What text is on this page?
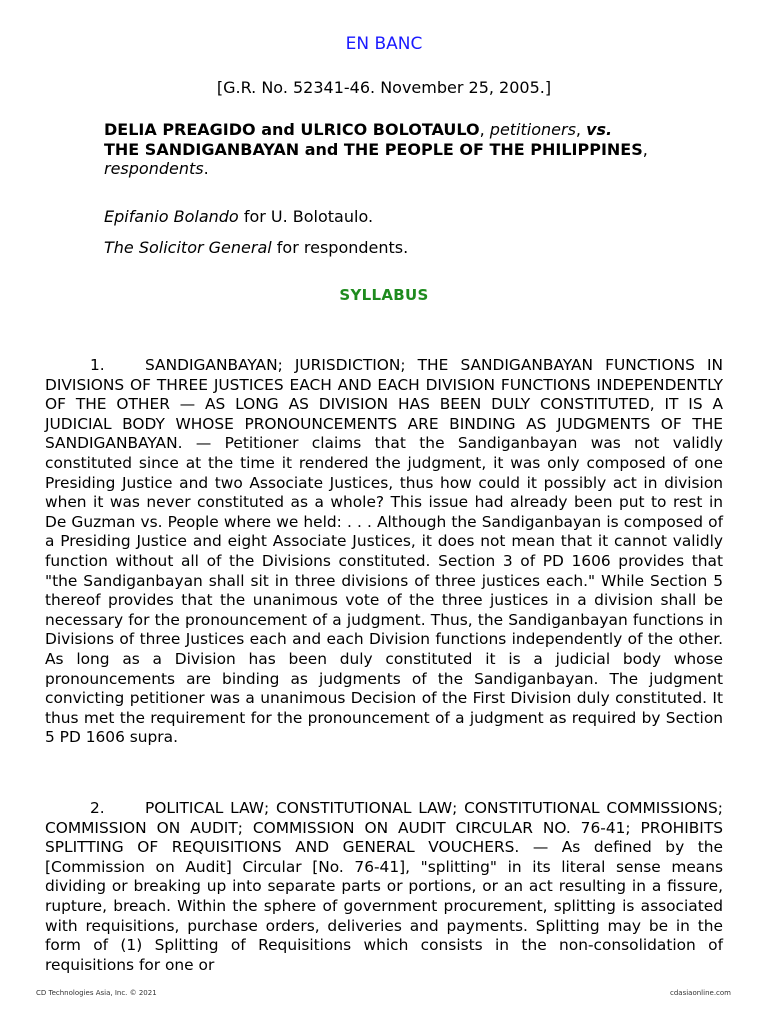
EN BANC
[G.R. No. 52341-46. November 25, 2005.]
DELIA PREAGIDO and ULRICO BOLOTAULO, petitioners, vs.
THE SANDIGANBAYAN and THE PEOPLE OF THE PHILIPPINES, respondents.
Epifanio Bolando for U. Bolotaulo.
The Solicitor General for respondents.
SYLLABUS
1.	SANDIGANBAYAN; JURISDICTION; THE SANDIGANBAYAN FUNCTIONS IN DIVISIONS OF THREE JUSTICES EACH AND EACH DIVISION FUNCTIONS INDEPENDENTLY OF THE OTHER — AS LONG AS DIVISION HAS BEEN DULY CONSTITUTED, IT IS A JUDICIAL BODY WHOSE PRONOUNCEMENTS ARE BINDING AS JUDGMENTS OF THE SANDIGANBAYAN. — Petitioner claims that the Sandiganbayan was not validly constituted since at the time it rendered the judgment, it was only composed of one Presiding Justice and two Associate Justices, thus how could it possibly act in division when it was never constituted as a whole? This issue had already been put to rest in De Guzman vs. People where we held: . . . Although the Sandiganbayan is composed of a Presiding Justice and eight Associate Justices, it does not mean that it cannot validly function without all of the Divisions constituted. Section 3 of PD 1606 provides that "the Sandiganbayan shall sit in three divisions of three justices each." While Section 5 thereof provides that the unanimous vote of the three justices in a division shall be necessary for the pronouncement of a judgment. Thus, the Sandiganbayan functions in Divisions of three Justices each and each Division functions independently of the other. As long as a Division has been duly constituted it is a judicial body whose pronouncements are binding as judgments of the Sandiganbayan. The judgment convicting petitioner was a unanimous Decision of the First Division duly constituted. It thus met the requirement for the pronouncement of a judgment as required by Section 5 PD 1606 supra.
2.	POLITICAL LAW; CONSTITUTIONAL LAW; CONSTITUTIONAL COMMISSIONS; COMMISSION ON AUDIT; COMMISSION ON AUDIT CIRCULAR NO. 76-41; PROHIBITS SPLITTING OF REQUISITIONS AND GENERAL VOUCHERS. — As defined by the [Commission on Audit] Circular [No. 76-41], "splitting" in its literal sense means dividing or breaking up into separate parts or portions, or an act resulting in a fissure, rupture, breach. Within the sphere of government procurement, splitting is associated with requisitions, purchase orders, deliveries and payments. Splitting may be in the form of (1) Splitting of Requisitions which consists in the non-consolidation of requisitions for one or
CD Technologies Asia, Inc. © 2021	cdasiaonline.com
